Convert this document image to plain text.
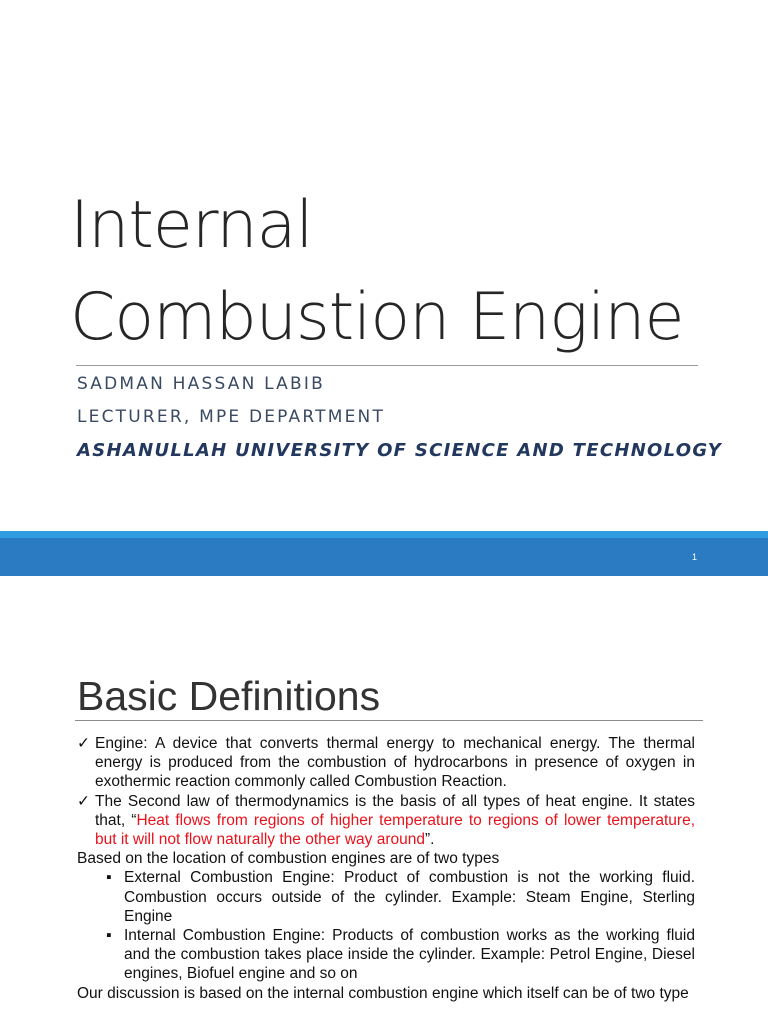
Internal
Combustion Engine
SADMAN HASSAN LABIB
LECTURER, MPE DEPARTMENT
ASHANULLAH UNIVERSITY OF SCIENCE AND TECHNOLOGY
1
Basic Definitions

✓ Engine: A device that converts thermal energy to mechanical energy. The thermal energy is produced from the combustion of hydrocarbons in presence of oxygen in exothermic reaction commonly called Combustion Reaction.

✓ The Second law of thermodynamics is the basis of all types of heat engine. It states that, “Heat flows from regions of higher temperature to regions of lower temperature, but it will not flow naturally the other way around”.

Based on the location of combustion engines are of two types

▪ External Combustion Engine: Product of combustion is not the working fluid. Combustion occurs outside of the cylinder. Example: Steam Engine, Sterling Engine

▪ Internal Combustion Engine: Products of combustion works as the working fluid and the combustion takes place inside the cylinder. Example: Petrol Engine, Diesel engines, Biofuel engine and so on

Our discussion is based on the internal combustion engine which itself can be of two type
